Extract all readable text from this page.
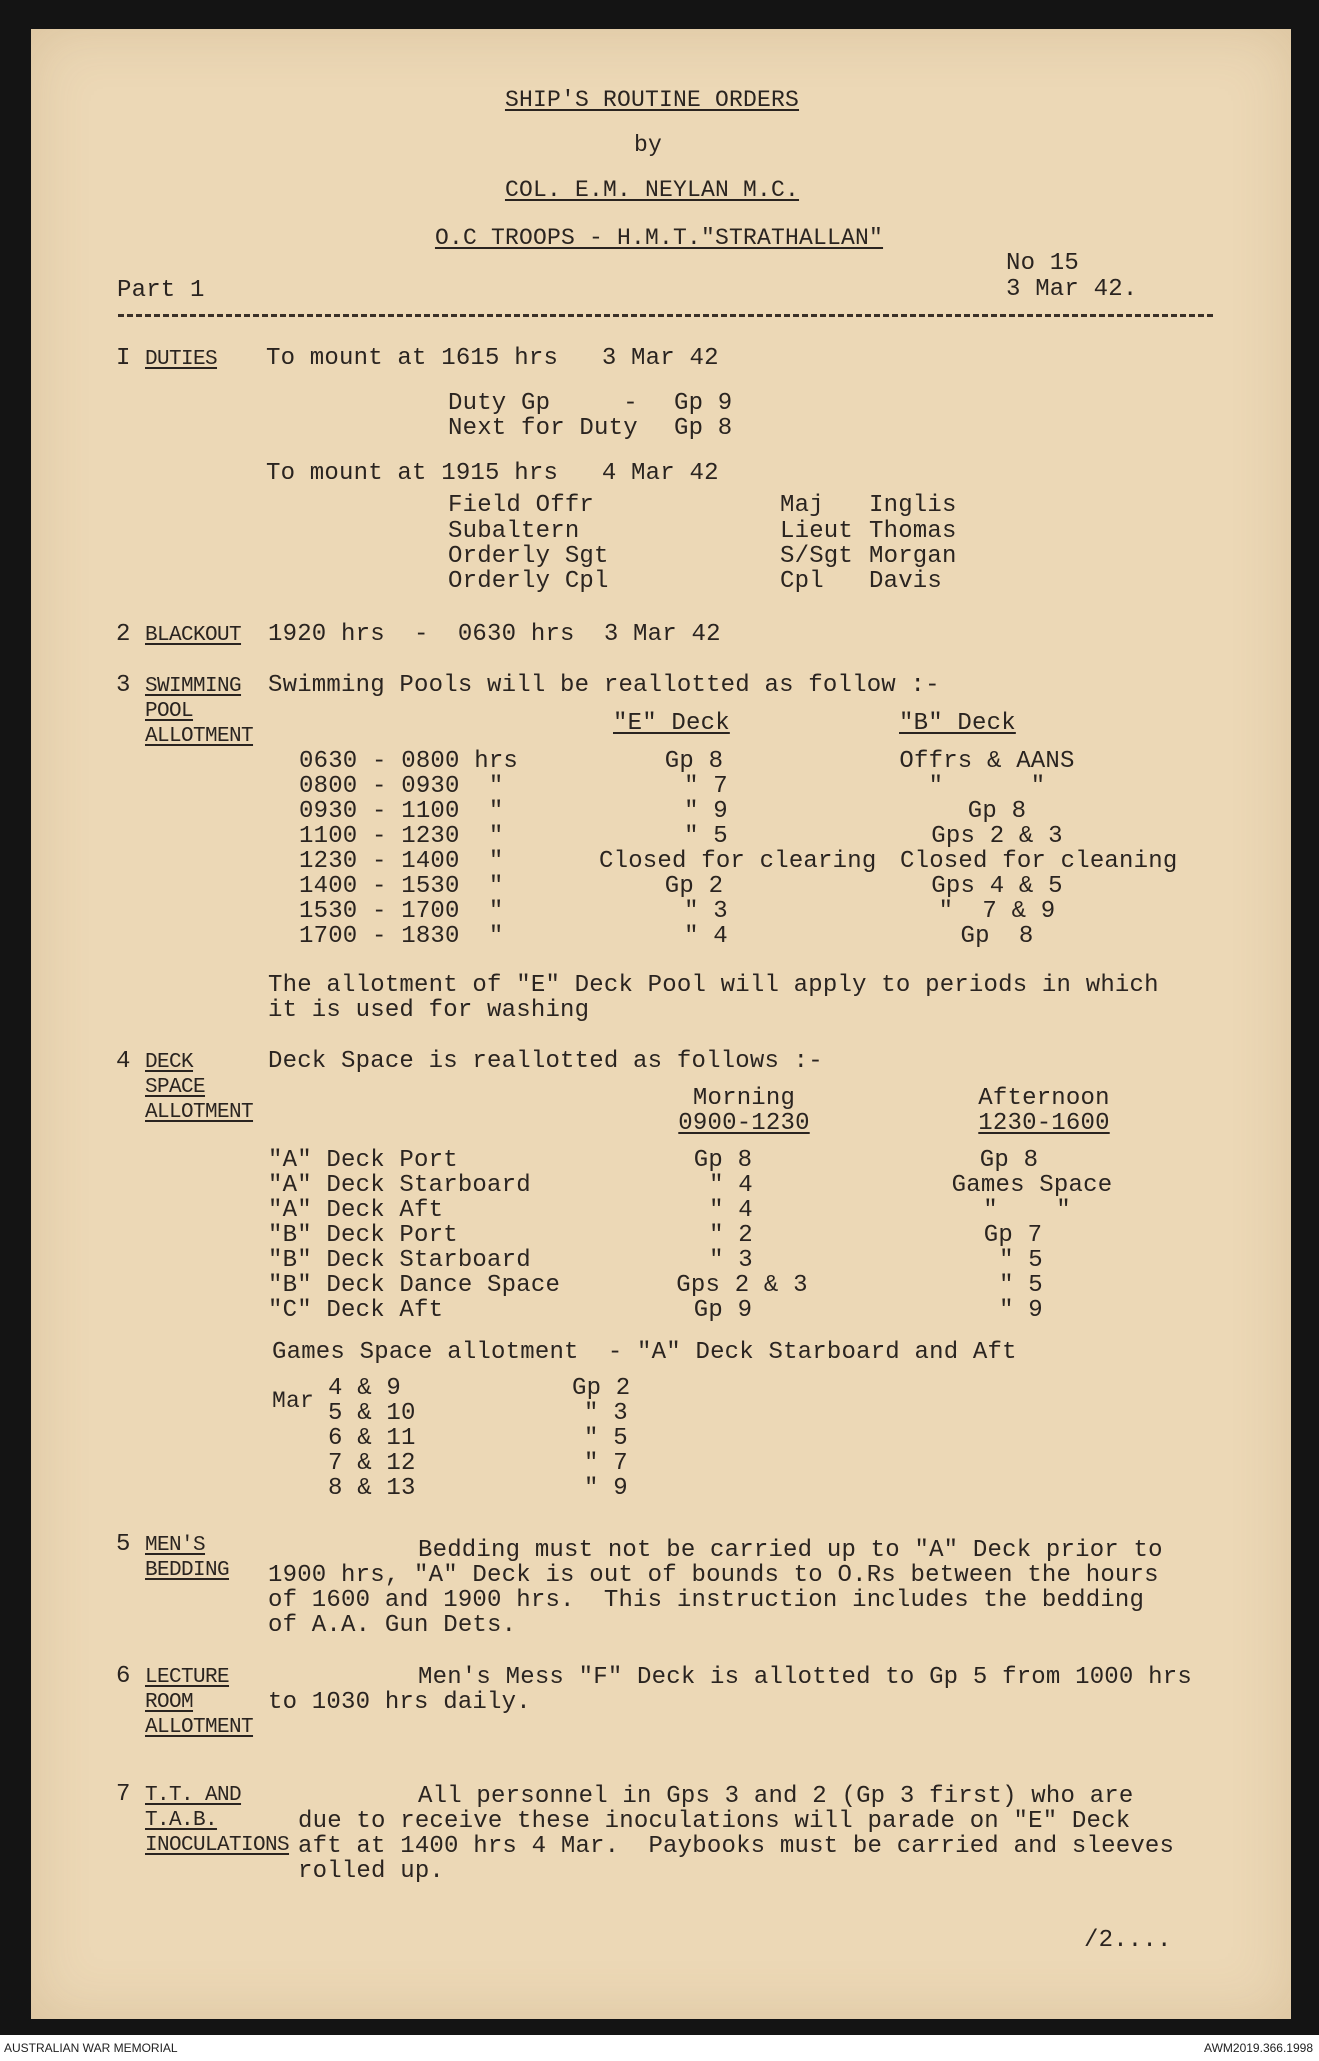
SHIP'S ROUTINE ORDERS
by
COL. E.M. NEYLAN M.C.
O.C TROOPS - H.M.T."STRATHALLAN"
No 15
3 Mar 42.
Part 1
I DUTIES To mount at 1615 hrs   3 Mar 42
Duty Gp     - Gp 9
Next for Duty Gp 8
To mount at 1915 hrs   4 Mar 42
Field Offr	Maj Inglis
Subaltern	Lieut Thomas
Orderly Sgt	S/Sgt Morgan
Orderly Cpl	Cpl Davis
2 BLACKOUT 1920 hrs  -  0630 hrs  3 Mar 42
3 SWIMMING
POOL
ALLOTMENT
Swimming Pools will be reallotted as follow :-
"E" Deck	"B" Deck
0630 - 0800 hrs	Gp 8	Offrs & AANS
0800 - 0930  "	" 7	"      "
0930 - 1100  "	" 9	Gp 8
1100 - 1230  "	" 5	Gps 2 & 3
1230 - 1400  "	Closed for clearing Closed for cleaning
1400 - 1530  "	Gp 2	Gps 4 & 5
1530 - 1700  "	" 3	"  7 & 9
1700 - 1830  "	" 4	Gp  8
The allotment of "E" Deck Pool will apply to periods in which
it is used for washing
4 DECK
SPACE
ALLOTMENT
Deck Space is reallotted as follows :-
Morning
0900-1230
Afternoon
1230-1600
"A" Deck Port	Gp 8	Gp 8
"A" Deck Starboard	" 4	Games Space
"A" Deck Aft	" 4	"    "
"B" Deck Port	" 2	Gp 7
"B" Deck Starboard	" 3	" 5
"B" Deck Dance Space	Gps 2 & 3	" 5
"C" Deck Aft	Gp 9	" 9
Games Space allotment  - "A" Deck Starboard and Aft
Mar 4 & 9	Gp 2
5 & 10	" 3
6 & 11	" 5
7 & 12	" 7
8 & 13	" 9
5 MEN'S
BEDDING
Bedding must not be carried up to "A" Deck prior to
1900 hrs, "A" Deck is out of bounds to O.Rs between the hours
of 1600 and 1900 hrs.  This instruction includes the bedding
of A.A. Gun Dets.
6 LECTURE
ROOM
ALLOTMENT
Men's Mess "F" Deck is allotted to Gp 5 from 1000 hrs
to 1030 hrs daily.
7 T.T. AND
T.A.B.
INOCULATIONS
All personnel in Gps 3 and 2 (Gp 3 first) who are
due to receive these inoculations will parade on "E" Deck
aft at 1400 hrs 4 Mar.  Paybooks must be carried and sleeves
rolled up.
/2....
AUSTRALIAN WAR MEMORIAL	AWM2019.366.1998
